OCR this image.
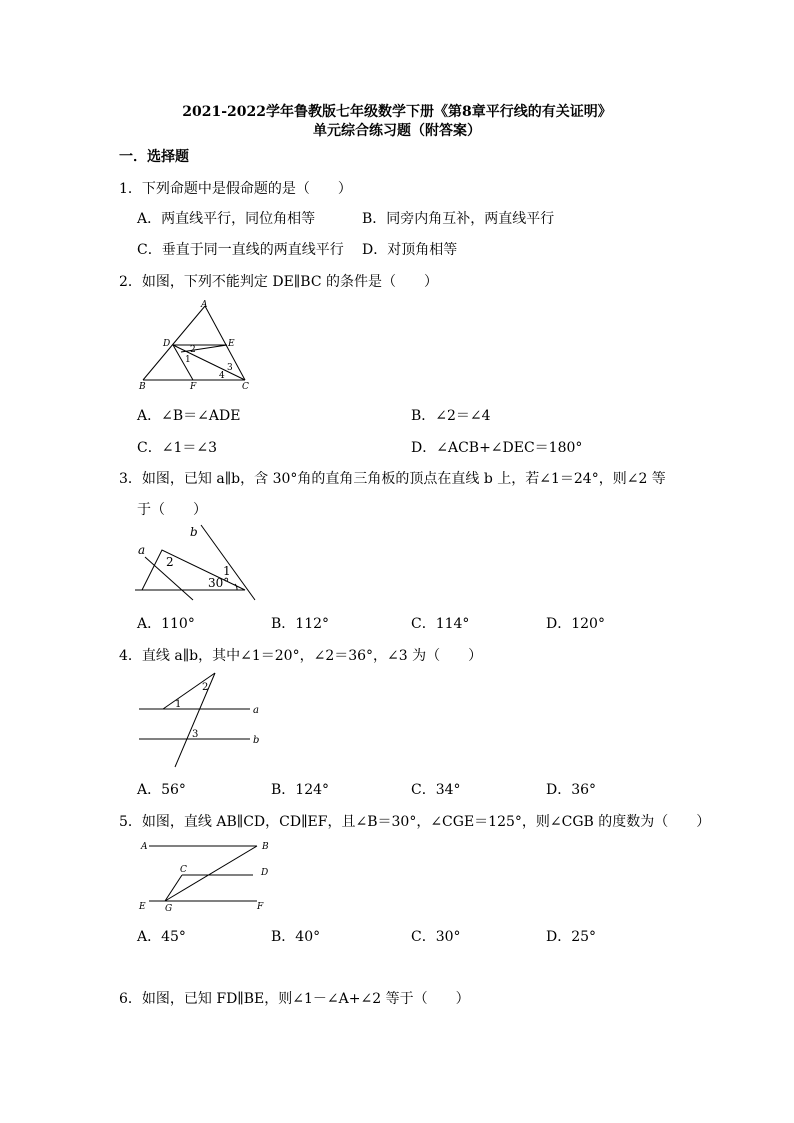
2021-2022学年鲁教版七年级数学下册《第8章平行线的有关证明》
单元综合练习题（附答案）
一．选择题
1．下列命题中是假命题的是（　　）
A．两直线平行，同位角相等	B．同旁内角互补，两直线平行
C．垂直于同一直线的两直线平行 D．对顶角相等
2．如图，下列不能判定 DE∥BC 的条件是（　　）
A
D	E
B	F	C
2
1
3
4
A．∠B＝∠ADE	B．∠2＝∠4
C．∠1＝∠3	D．∠ACB+∠DEC＝180°
3．如图，已知 a∥b，含 30°角的直角三角板的顶点在直线 b 上，若∠1＝24°，则∠2 等
于（　　）
a
b
2
1
30°
A．110°	B．112°	C．114°	D．120°
4．直线 a∥b，其中∠1＝20°，∠2＝36°，∠3 为（　　）
2
1
3
a
b
A．56°	B．124°	C．34°	D．36°
5．如图，直线 AB∥CD，CD∥EF，且∠B＝30°，∠CGE＝125°，则∠CGB 的度数为（　　）
A	B
C	D
E G	F
A．45°	B．40°	C．30°	D．25°
6．如图，已知 FD∥BE，则∠1－∠A+∠2 等于（　　）
